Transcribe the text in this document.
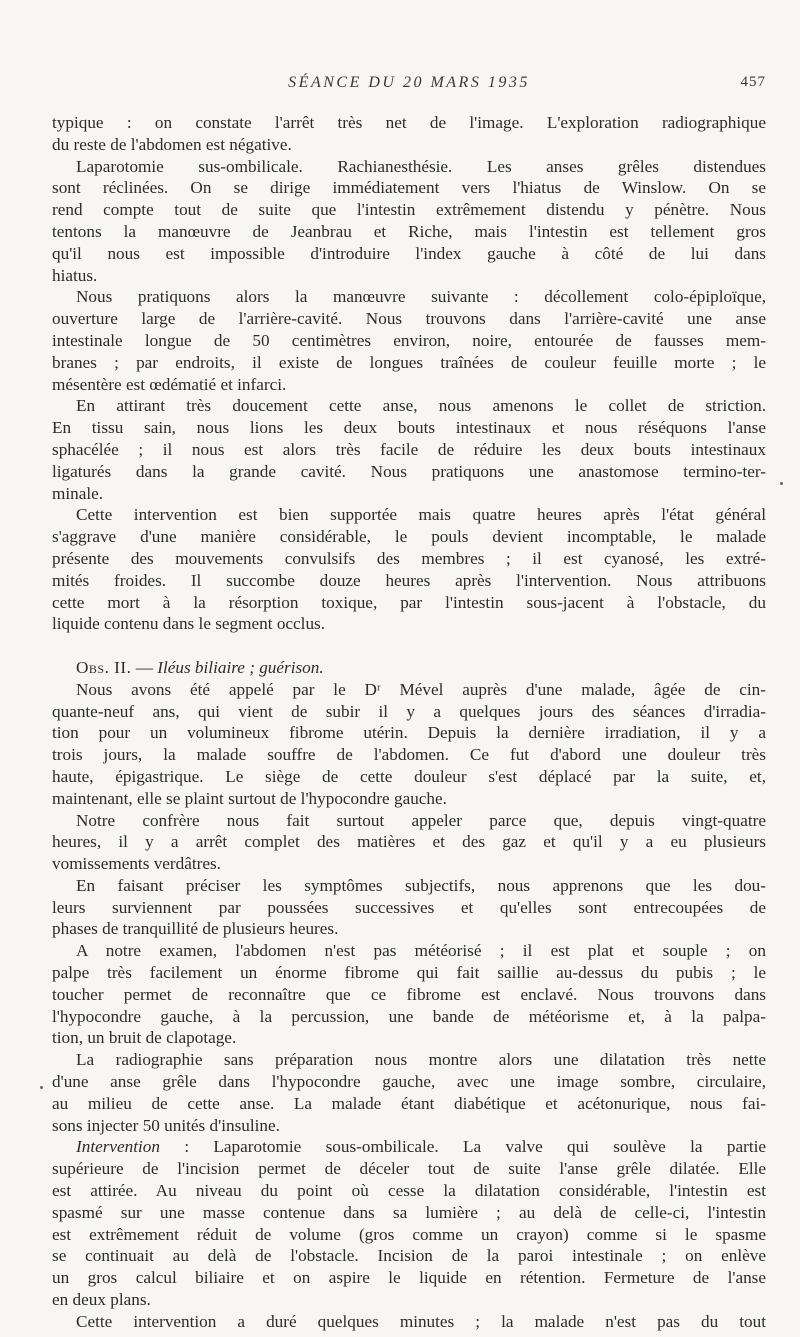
SÉANCE DU 20 MARS 1935	457
typique : on constate l'arrêt très net de l'image. L'exploration radiographique
du reste de l'abdomen est négative.
Laparotomie sus-ombilicale. Rachianesthésie. Les anses grêles distendues
sont réclinées. On se dirige immédiatement vers l'hiatus de Winslow. On se
rend compte tout de suite que l'intestin extrêmement distendu y pénètre. Nous
tentons la manœuvre de Jeanbrau et Riche, mais l'intestin est tellement gros
qu'il nous est impossible d'introduire l'index gauche à côté de lui dans
hiatus.
Nous pratiquons alors la manœuvre suivante : décollement colo-épiploïque,
ouverture large de l'arrière-cavité. Nous trouvons dans l'arrière-cavité une anse
intestinale longue de 50 centimètres environ, noire, entourée de fausses mem-
branes ; par endroits, il existe de longues traînées de couleur feuille morte ; le
mésentère est œdématié et infarci.
En attirant très doucement cette anse, nous amenons le collet de striction.
En tissu sain, nous lions les deux bouts intestinaux et nous réséquons l'anse
sphacélée ; il nous est alors très facile de réduire les deux bouts intestinaux
ligaturés dans la grande cavité. Nous pratiquons une anastomose termino-ter-
minale.
Cette intervention est bien supportée mais quatre heures après l'état général
s'aggrave d'une manière considérable, le pouls devient incomptable, le malade
présente des mouvements convulsifs des membres ; il est cyanosé, les extré-
mités froides. Il succombe douze heures après l'intervention. Nous attribuons
cette mort à la résorption toxique, par l'intestin sous-jacent à l'obstacle, du
liquide contenu dans le segment occlus.
Obs. II. — Iléus biliaire ; guérison.
Nous avons été appelé par le Dʳ Mével auprès d'une malade, âgée de cin-
quante-neuf ans, qui vient de subir il y a quelques jours des séances d'irradia-
tion pour un volumineux fibrome utérin. Depuis la dernière irradiation, il y a
trois jours, la malade souffre de l'abdomen. Ce fut d'abord une douleur très
haute, épigastrique. Le siège de cette douleur s'est déplacé par la suite, et,
maintenant, elle se plaint surtout de l'hypocondre gauche.
Notre confrère nous fait surtout appeler parce que, depuis vingt-quatre
heures, il y a arrêt complet des matières et des gaz et qu'il y a eu plusieurs
vomissements verdâtres.
En faisant préciser les symptômes subjectifs, nous apprenons que les dou-
leurs surviennent par poussées successives et qu'elles sont entrecoupées de
phases de tranquillité de plusieurs heures.
A notre examen, l'abdomen n'est pas météorisé ; il est plat et souple ; on
palpe très facilement un énorme fibrome qui fait saillie au-dessus du pubis ; le
toucher permet de reconnaître que ce fibrome est enclavé. Nous trouvons dans
l'hypocondre gauche, à la percussion, une bande de météorisme et, à la palpa-
tion, un bruit de clapotage.
La radiographie sans préparation nous montre alors une dilatation très nette
d'une anse grêle dans l'hypocondre gauche, avec une image sombre, circulaire,
au milieu de cette anse. La malade étant diabétique et acétonurique, nous fai-
sons injecter 50 unités d'insuline.
Intervention : Laparotomie sous-ombilicale. La valve qui soulève la partie
supérieure de l'incision permet de déceler tout de suite l'anse grêle dilatée. Elle
est attirée. Au niveau du point où cesse la dilatation considérable, l'intestin est
spasmé sur une masse contenue dans sa lumière ; au delà de celle-ci, l'intestin
est extrêmement réduit de volume (gros comme un crayon) comme si le spasme
se continuait au delà de l'obstacle. Incision de la paroi intestinale ; on enlève
un gros calcul biliaire et on aspire le liquide en rétention. Fermeture de l'anse
en deux plans.
Cette intervention a duré quelques minutes ; la malade n'est pas du tout
